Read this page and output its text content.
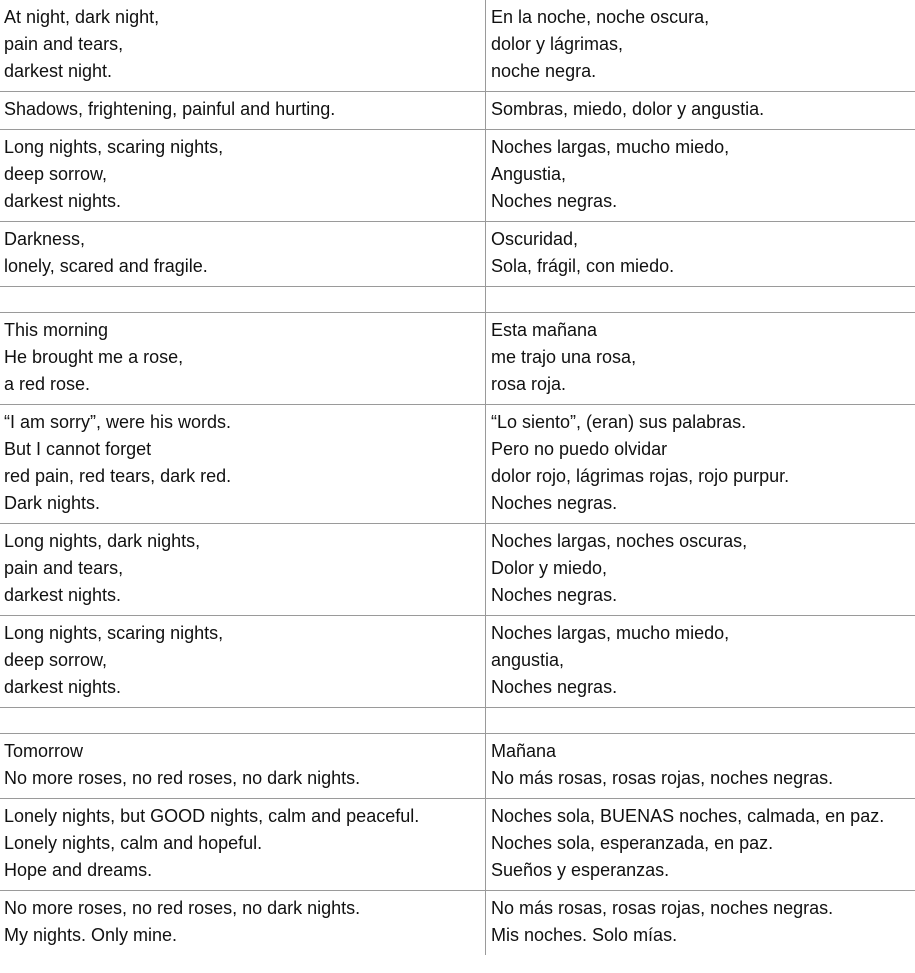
At night, dark night,
pain and tears,
darkest night.	En la noche, noche oscura,
dolor y lágrimas,
noche negra.

Shadows, frightening, painful and hurting.	Sombras, miedo, dolor y angustia.

Long nights, scaring nights,
deep sorrow,
darkest nights.	Noches largas, mucho miedo,
Angustia,
Noches negras.

Darkness,
lonely, scared and fragile.	Oscuridad,
Sola, frágil, con miedo.

This morning
He brought me a rose,
a red rose.	Esta mañana
me trajo una rosa,
rosa roja.

“I am sorry”, were his words.
But I cannot forget
red pain, red tears, dark red.
Dark nights.	“Lo siento”, (eran) sus palabras.
Pero no puedo olvidar
dolor rojo, lágrimas rojas, rojo purpur.
Noches negras.

Long nights, dark nights,
pain and tears,
darkest nights.	Noches largas, noches oscuras,
Dolor y miedo,
Noches negras.

Long nights, scaring nights,
deep sorrow,
darkest nights.	Noches largas, mucho miedo,
angustia,
Noches negras.

Tomorrow
No more roses, no red roses, no dark nights.	Mañana
No más rosas, rosas rojas, noches negras.

Lonely nights, but GOOD nights, calm and peaceful.
Lonely nights, calm and hopeful.
Hope and dreams.	Noches sola, BUENAS noches, calmada, en paz.
Noches sola, esperanzada, en paz.
Sueños y esperanzas.

No more roses, no red roses, no dark nights.
My nights. Only mine.	No más rosas, rosas rojas, noches negras.
Mis noches. Solo mías.
